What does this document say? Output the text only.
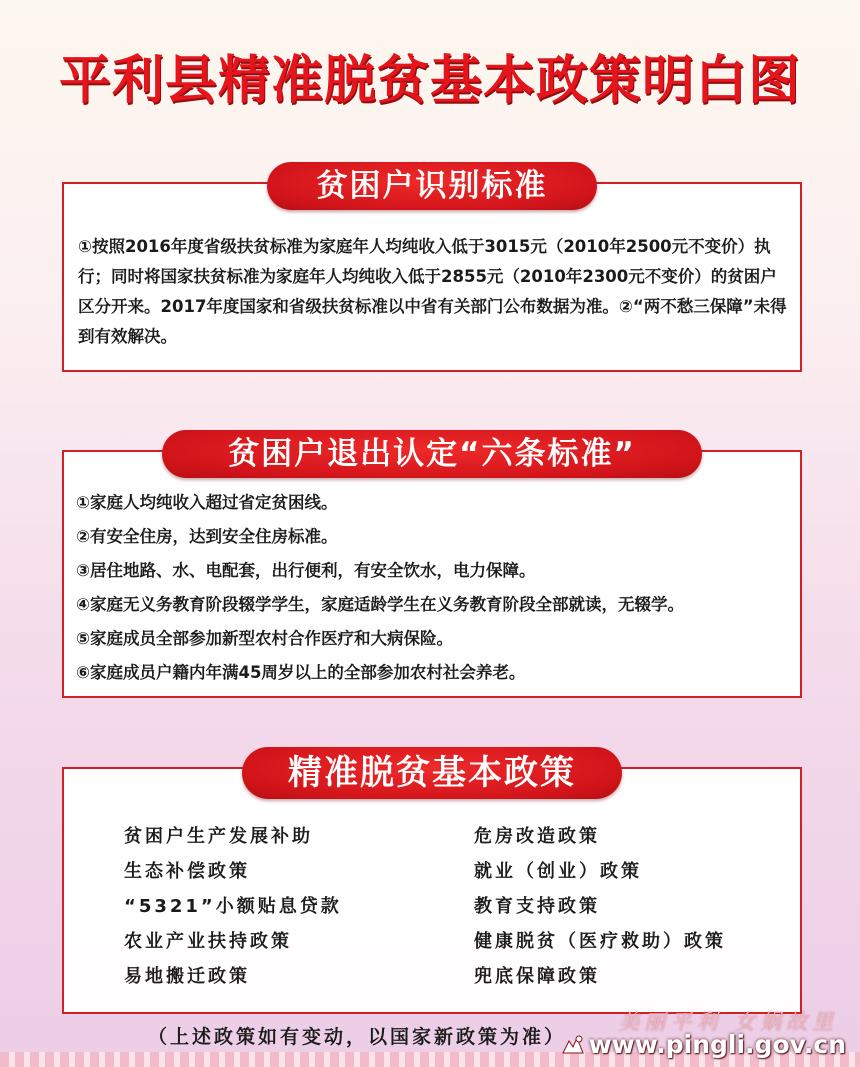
平利县精准脱贫基本政策明白图
贫困户识别标准
①按照2016年度省级扶贫标准为家庭年人均纯收入低于3015元（2010年2500元不变价）执行；同时将国家扶贫标准为家庭年人均纯收入低于2855元（2010年2300元不变价）的贫困户区分开来。2017年度国家和省级扶贫标准以中省有关部门公布数据为准。②“两不愁三保障”未得到有效解决。
贫困户退出认定“六条标准”
①家庭人均纯收入超过省定贫困线。
②有安全住房，达到安全住房标准。
③居住地路、水、电配套，出行便利，有安全饮水，电力保障。
④家庭无义务教育阶段辍学学生，家庭适龄学生在义务教育阶段全部就读，无辍学。
⑤家庭成员全部参加新型农村合作医疗和大病保险。
⑥家庭成员户籍内年满45周岁以上的全部参加农村社会养老。
精准脱贫基本政策
贫困户生产发展补助
生态补偿政策
“5321”小额贴息贷款
农业产业扶持政策
易地搬迁政策
危房改造政策
就业（创业）政策
教育支持政策
健康脱贫（医疗救助）政策
兜底保障政策
（上述政策如有变动，以国家新政策为准）
美丽平利 女娲故里
www.pingli.gov.cn
